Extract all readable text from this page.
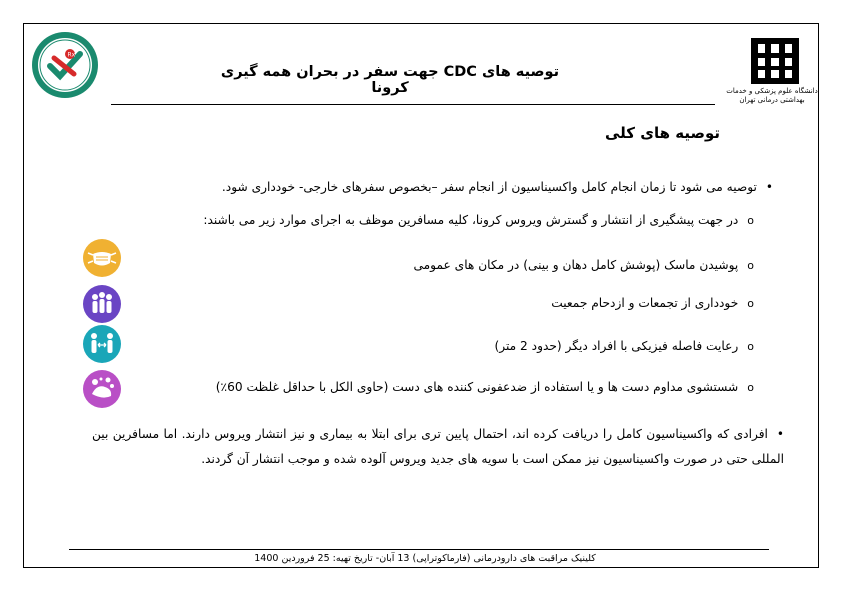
Rx
دانشگاه علوم پزشکی و خدمات
بهداشتی درمانی تهران
توصیه های CDC جهت سفر در بحران همه گیری کرونا
توصیه های کلی
•توصیه می شود تا زمان انجام کامل واکسیناسیون از انجام سفر –بخصوص سفرهای خارجی- خودداری شود.
oدر جهت پیشگیری از انتشار و گسترش ویروس کرونا، کلیه مسافرین موظف به اجرای موارد زیر می باشند:
oپوشیدن ماسک (پوشش کامل دهان و بینی) در مکان های عمومی
oخودداری از تجمعات و ازدحام جمعیت
oرعایت فاصله فیزیکی با افراد دیگر (حدود 2 متر)
oشستشوی مداوم دست ها و یا استفاده از ضدعفونی کننده های دست (حاوی الکل با حداقل غلظت 60٪)
•افرادی که واکسیناسیون کامل را دریافت کرده اند، احتمال پایین تری برای ابتلا به بیماری و نیز انتشار ویروس دارند. اما مسافرین بین المللی حتی در صورت واکسیناسیون نیز ممکن است با سویه های جدید ویروس آلوده شده و موجب انتشار آن گردند.
کلینیک مراقبت های دارودرمانی (فارماکوتراپی) 13 آبان- تاریخ تهیه: 25 فروردین 1400
